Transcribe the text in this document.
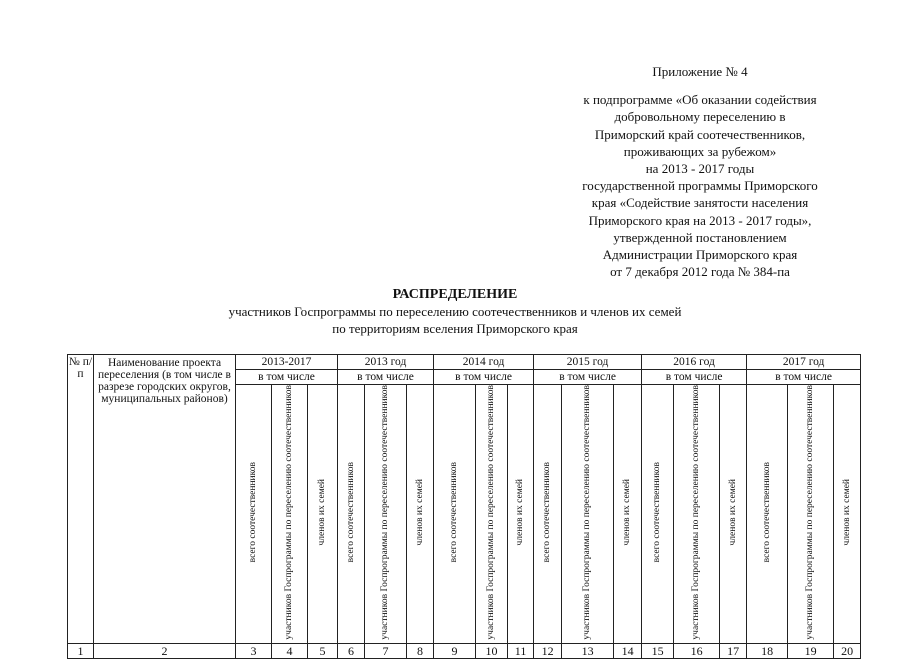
Приложение № 4
к подпрограмме «Об оказании содействия
добровольному переселению в
Приморский край соотечественников,
проживающих за рубежом»
на 2013 - 2017 годы
государственной программы Приморского
края «Содействие занятости населения
Приморского края на 2013 - 2017 годы»,
утвержденной постановлением
Администрации Приморского края
от 7 декабря 2012 года № 384-па
РАСПРЕДЕЛЕНИЕ
участников Госпрограммы по переселению соотечественников и членов их семей
по территориям вселения Приморского края
№ п/п	Наименование проекта переселения (в том числе в разрезе городских округов, муниципальных районов)	2013-2017			2013 год			2014 год			2015 год			2016 год			2017 год		
		в том числе			в том числе			в том числе			в том числе			в том числе			в том числе		
		всего соотечественников	участников Госпрограммы по переселению соотечественников	членов их семей	всего соотечественников	участников Госпрограммы по переселению соотечественников	членов их семей	всего соотечественников	участников Госпрограммы по переселению соотечественников	членов их семей	всего соотечественников	участников Госпрограммы по переселению соотечественников	членов их семей	всего соотечественников	участников Госпрограммы по переселению соотечественников	членов их семей	всего соотечественников	участников Госпрограммы по переселению соотечественников	членов их семей
1	2	3	4	5	6	7	8	9	10	11	12	13	14	15	16	17	18	19	20
